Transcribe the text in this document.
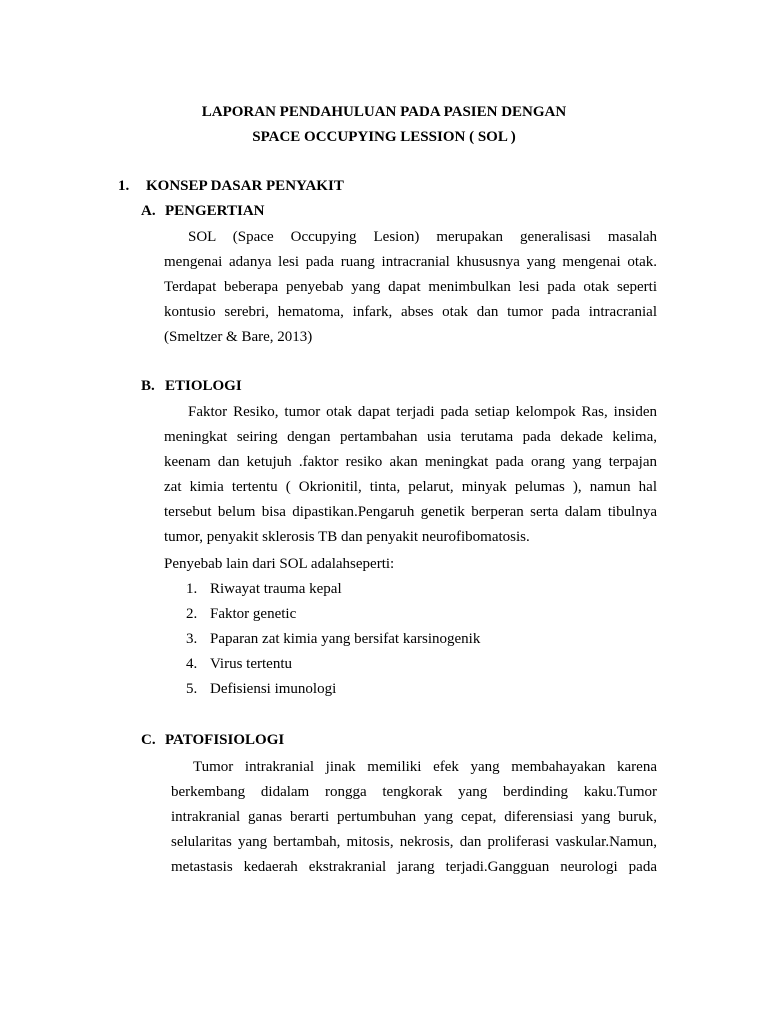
LAPORAN PENDAHULUAN PADA PASIEN DENGAN
SPACE OCCUPYING LESSION ( SOL )
1. KONSEP DASAR PENYAKIT
A. PENGERTIAN
SOL (Space Occupying Lesion) merupakan generalisasi masalah
mengenai adanya lesi pada ruang intracranial khususnya yang mengenai otak.
Terdapat beberapa penyebab yang dapat menimbulkan lesi pada otak seperti
kontusio serebri, hematoma, infark, abses otak dan tumor pada intracranial
(Smeltzer & Bare, 2013)
B. ETIOLOGI
Faktor Resiko, tumor otak dapat terjadi pada setiap kelompok Ras, insiden
meningkat seiring dengan pertambahan usia terutama pada dekade kelima,
keenam dan ketujuh .faktor resiko akan meningkat pada orang yang terpajan
zat kimia tertentu ( Okrionitil, tinta, pelarut, minyak pelumas ), namun hal
tersebut belum bisa dipastikan.Pengaruh genetik berperan serta dalam tibulnya
tumor, penyakit sklerosis TB dan penyakit neurofibomatosis.
Penyebab lain dari SOL adalahseperti:
1. Riwayat trauma kepal
2. Faktor genetic
3. Paparan zat kimia yang bersifat karsinogenik
4. Virus tertentu
5. Defisiensi imunologi
C. PATOFISIOLOGI
Tumor intrakranial jinak memiliki efek yang membahayakan karena
berkembang didalam rongga tengkorak yang berdinding kaku.Tumor
intrakranial ganas berarti pertumbuhan yang cepat, diferensiasi yang buruk,
selularitas yang bertambah, mitosis, nekrosis, dan proliferasi vaskular.Namun,
metastasis kedaerah ekstrakranial jarang terjadi.Gangguan neurologi pada
